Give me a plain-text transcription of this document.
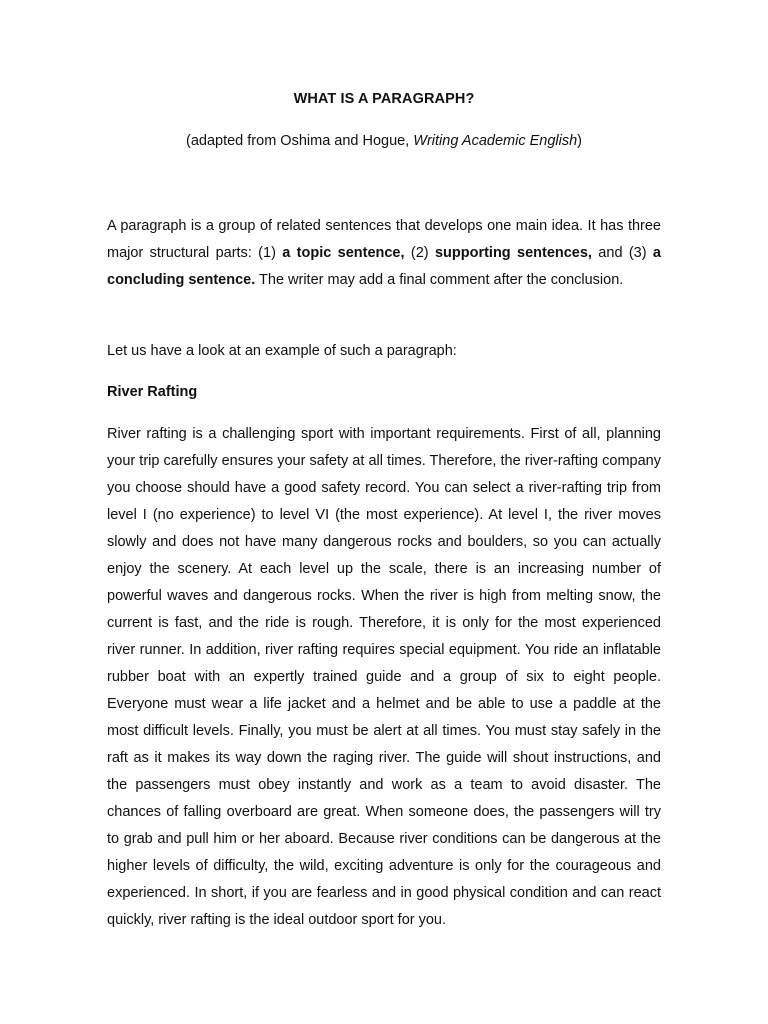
WHAT IS A PARAGRAPH?
(adapted from Oshima and Hogue, Writing Academic English)

A paragraph is a group of related sentences that develops one main idea. It has three major structural parts: (1) a topic sentence, (2) supporting sentences, and (3) a concluding sentence. The writer may add a final comment after the conclusion.

Let us have a look at an example of such a paragraph:

River Rafting

River rafting is a challenging sport with important requirements. First of all, planning your trip carefully ensures your safety at all times. Therefore, the river-rafting company you choose should have a good safety record. You can select a river-rafting trip from level I (no experience) to level VI (the most experience). At level I, the river moves slowly and does not have many dangerous rocks and boulders, so you can actually enjoy the scenery. At each level up the scale, there is an increasing number of powerful waves and dangerous rocks. When the river is high from melting snow, the current is fast, and the ride is rough. Therefore, it is only for the most experienced river runner. In addition, river rafting requires special equipment. You ride an inflatable rubber boat with an expertly trained guide and a group of six to eight people. Everyone must wear a life jacket and a helmet and be able to use a paddle at the most difficult levels. Finally, you must be alert at all times. You must stay safely in the raft as it makes its way down the raging river. The guide will shout instructions, and the passengers must obey instantly and work as a team to avoid disaster. The chances of falling overboard are great. When someone does, the passengers will try to grab and pull him or her aboard. Because river conditions can be dangerous at the higher levels of difficulty, the wild, exciting adventure is only for the courageous and experienced. In short, if you are fearless and in good physical condition and can react quickly, river rafting is the ideal outdoor sport for you.
